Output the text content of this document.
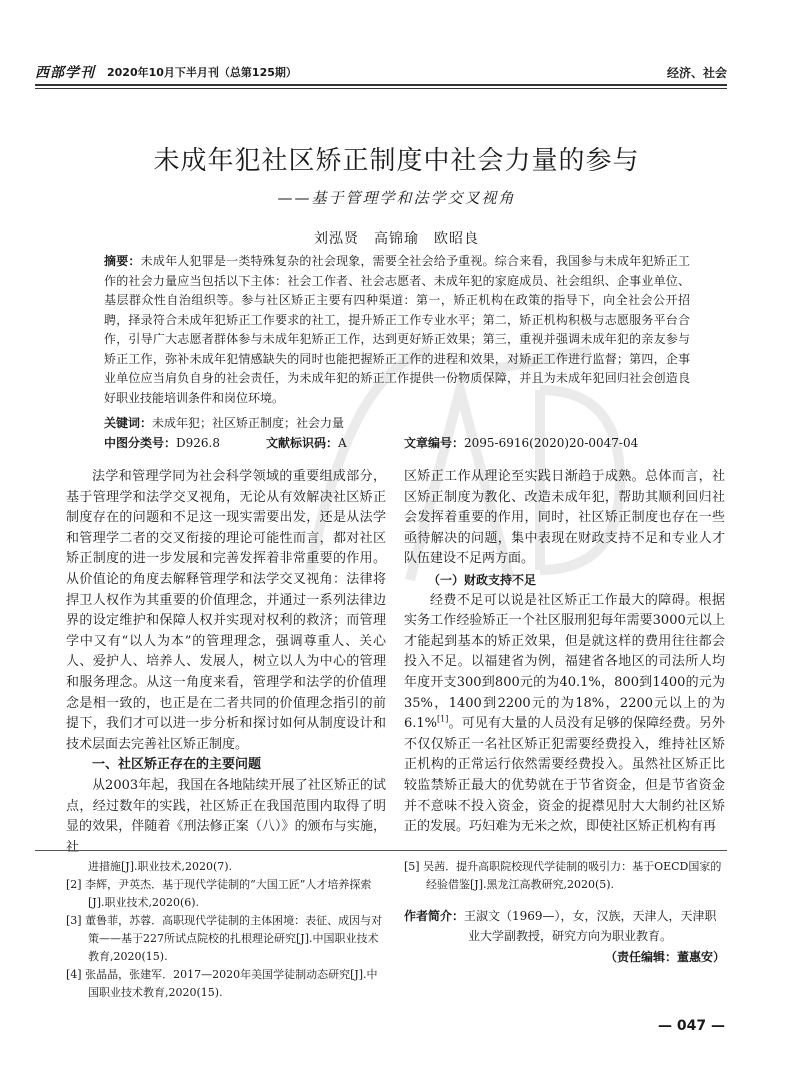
西部学刊 2020年10月下半月刊（总第125期）	经济、社会
未成年犯社区矫正制度中社会力量的参与
——基于管理学和法学交叉视角
刘泓贤　高锦瑜　欧昭良
摘要：未成年人犯罪是一类特殊复杂的社会现象，需要全社会给予重视。综合来看，我国参与未成年犯矫正工作的社会力量应当包括以下主体：社会工作者、社会志愿者、未成年犯的家庭成员、社会组织、企事业单位、基层群众性自治组织等。参与社区矫正主要有四种渠道：第一，矫正机构在政策的指导下，向全社会公开招聘，择录符合未成年犯矫正工作要求的社工，提升矫正工作专业水平；第二，矫正机构积极与志愿服务平台合作，引导广大志愿者群体参与未成年犯矫正工作，达到更好矫正效果；第三，重视并强调未成年犯的亲友参与矫正工作，弥补未成年犯情感缺失的同时也能把握矫正工作的进程和效果，对矫正工作进行监督；第四，企事业单位应当肩负自身的社会责任，为未成年犯的矫正工作提供一份物质保障，并且为未成年犯回归社会创造良好职业技能培训条件和岗位环境。
关键词：未成年犯；社区矫正制度；社会力量
中图分类号：D926.8	文献标识码：A	文章编号：2095-6916(2020)20-0047-04

法学和管理学同为社会科学领域的重要组成部分，基于管理学和法学交叉视角，无论从有效解决社区矫正制度存在的问题和不足这一现实需要出发，还是从法学和管理学二者的交叉衔接的理论可能性而言，都对社区矫正制度的进一步发展和完善发挥着非常重要的作用。从价值论的角度去解释管理学和法学交叉视角：法律将捍卫人权作为其重要的价值理念，并通过一系列法律边界的设定维护和保障人权并实现对权利的救济；而管理学中又有“以人为本”的管理理念，强调尊重人、关心人、爱护人、培养人、发展人，树立以人为中心的管理和服务理念。从这一角度来看，管理学和法学的价值理念是相一致的，也正是在二者共同的价值理念指引的前提下，我们才可以进一步分析和探讨如何从制度设计和技术层面去完善社区矫正制度。

一、社区矫正存在的主要问题

从2003年起，我国在各地陆续开展了社区矫正的试点，经过数年的实践，社区矫正在我国范围内取得了明显的效果，伴随着《刑法修正案（八）》的颁布与实施，社

区矫正工作从理论至实践日渐趋于成熟。总体而言，社区矫正制度为教化、改造未成年犯，帮助其顺利回归社会发挥着重要的作用，同时，社区矫正制度也存在一些亟待解决的问题，集中表现在财政支持不足和专业人才队伍建设不足两方面。

（一）财政支持不足

经费不足可以说是社区矫正工作最大的障碍。根据实务工作经验矫正一个社区服刑犯每年需要3000元以上才能起到基本的矫正效果，但是就这样的费用往往都会投入不足。以福建省为例，福建省各地区的司法所人均年度开支300到800元的为40.1%，800到1400的元为35%，1400到2200元的为18%，2200元以上的为6.1%[1]。可见有大量的人员没有足够的保障经费。另外不仅仅矫正一名社区矫正犯需要经费投入，维持社区矫正机构的正常运行依然需要经费投入。虽然社区矫正比较监禁矫正最大的优势就在于节省资金，但是节省资金并不意味不投入资金，资金的捉襟见肘大大制约社区矫正的发展。巧妇难为无米之炊，即使社区矫正机构有再

进措施[J].职业技术,2020(7).

[2] 李辉，尹英杰．基于现代学徒制的“大国工匠”人才培养探索[J].职业技术,2020(6).

[3] 董鲁菲，苏蓉．高职现代学徒制的主体困境：表征、成因与对策——基于227所试点院校的扎根理论研究[J].中国职业技术教育,2020(15).

[4] 张晶晶，张建军．2017—2020年美国学徒制动态研究[J].中国职业技术教育,2020(15).

[5] 吴茜．提升高职院校现代学徒制的吸引力：基于OECD国家的经验借鉴[J].黑龙江高教研究,2020(5).

作者简介：王淑文（1969—），女，汉族，天津人，天津职业大学副教授，研究方向为职业教育。
（责任编辑：董惠安）
— 047 —
